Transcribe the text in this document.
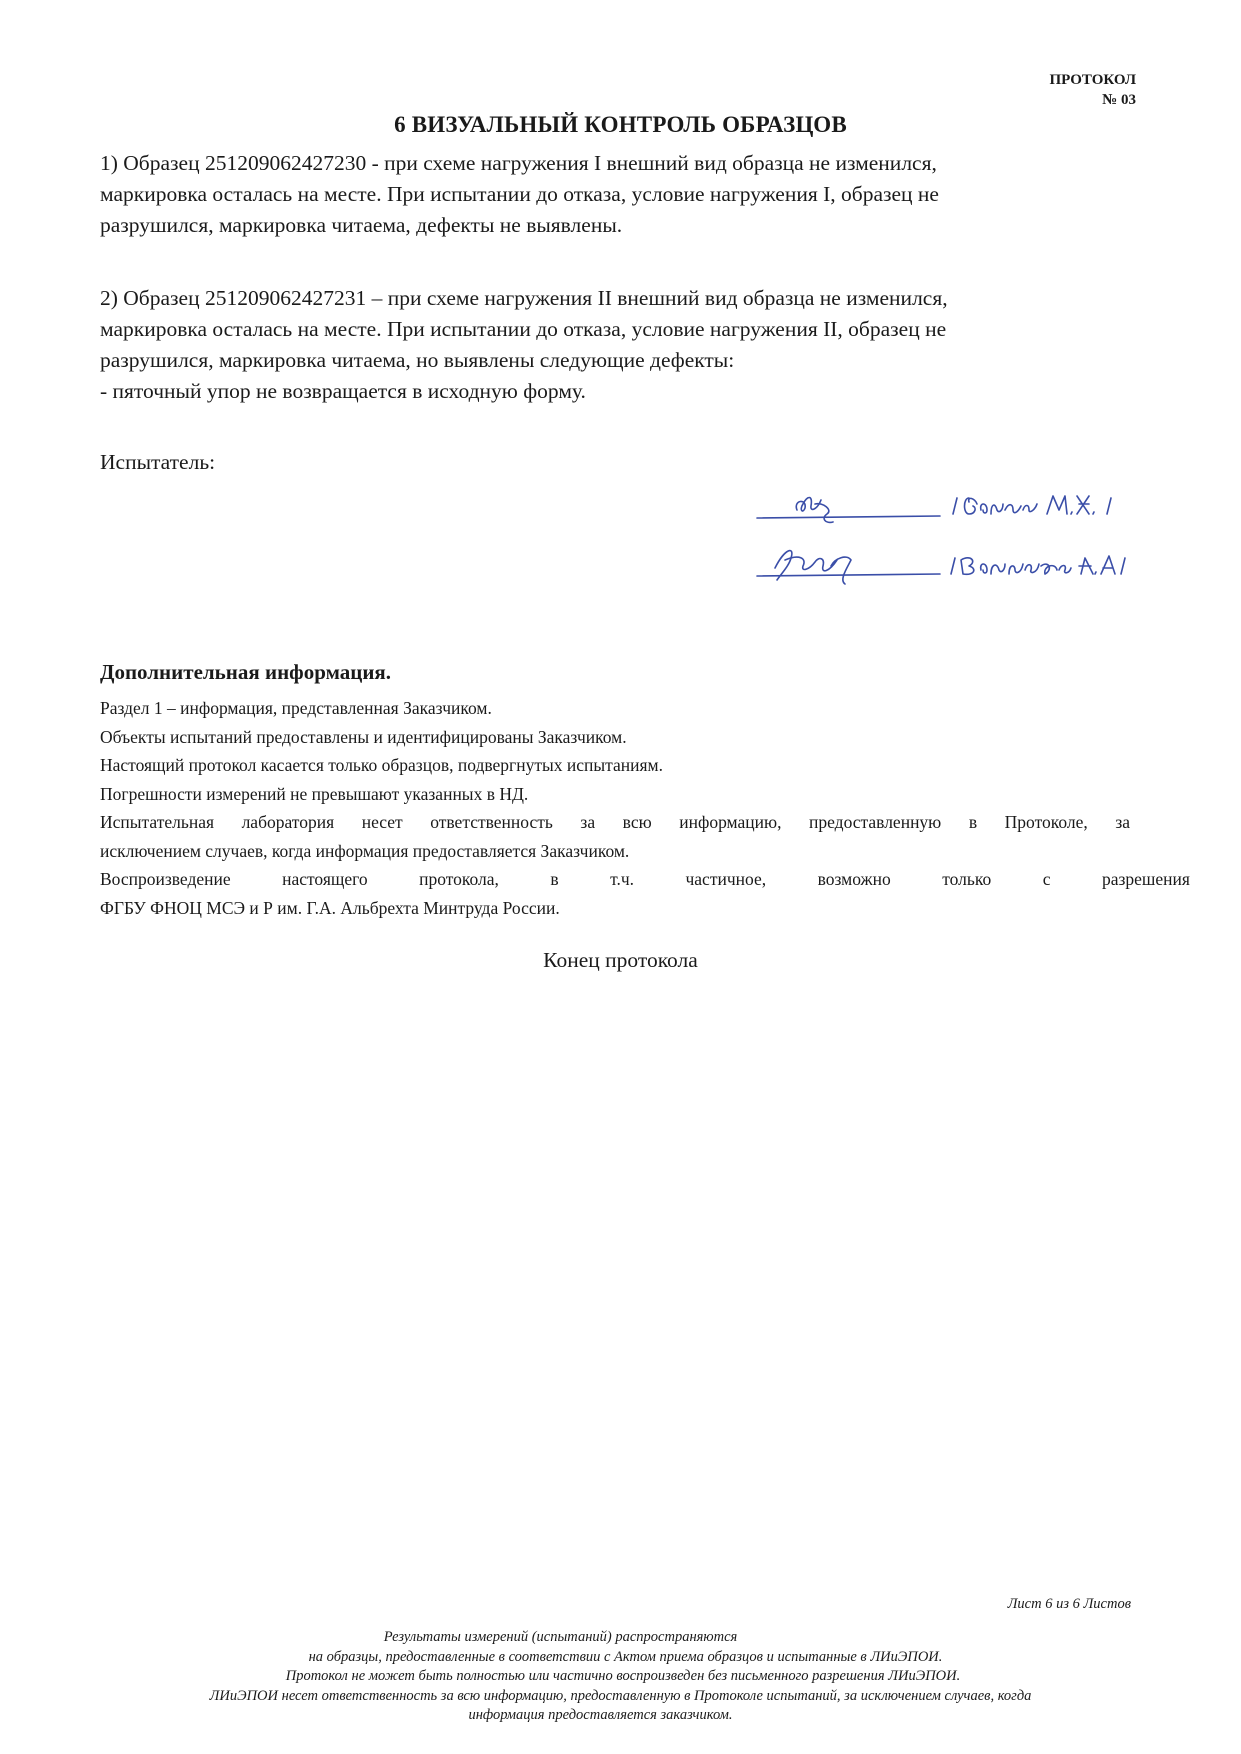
ПРОТОКОЛ
№ 03
6 ВИЗУАЛЬНЫЙ КОНТРОЛЬ ОБРАЗЦОВ
1) Образец 251209062427230 - при схеме нагружения I внешний вид образца не изменился,
маркировка осталась на месте. При испытании до отказа, условие нагружения I, образец не
разрушился, маркировка читаема, дефекты не выявлены.
2) Образец 251209062427231 – при схеме нагружения II внешний вид образца не изменился,
маркировка осталась на месте. При испытании до отказа, условие нагружения II, образец не
разрушился, маркировка читаема, но выявлены следующие дефекты:
- пяточный упор не возвращается в исходную форму.
Испытатель:
Дополнительная информация.
Раздел 1 – информация, представленная Заказчиком.
Объекты испытаний предоставлены и идентифицированы Заказчиком.
Настоящий протокол касается только образцов, подвергнутых испытаниям.
Погрешности измерений не превышают указанных в НД.
Испытательная лаборатория несет ответственность за всю информацию, предоставленную в Протоколе, за
исключением случаев, когда информация предоставляется Заказчиком.
Воспроизведение	настоящего	протокола,	в	т.ч.	частичное,	возможно	только	с	разрешения
ФГБУ ФНОЦ МСЭ и Р им. Г.А. Альбрехта Минтруда России.
Конец протокола
Лист 6 из 6 Листов
Результаты измерений (испытаний) распространяются
на образцы, предоставленные в соответствии с Актом приема образцов и испытанные в ЛИиЭПОИ.
Протокол не может быть полностью или частично воспроизведен без письменного разрешения ЛИиЭПОИ.
ЛИиЭПОИ несет ответственность за всю информацию, предоставленную в Протоколе испытаний, за исключением случаев, когда
информация предоставляется заказчиком.
